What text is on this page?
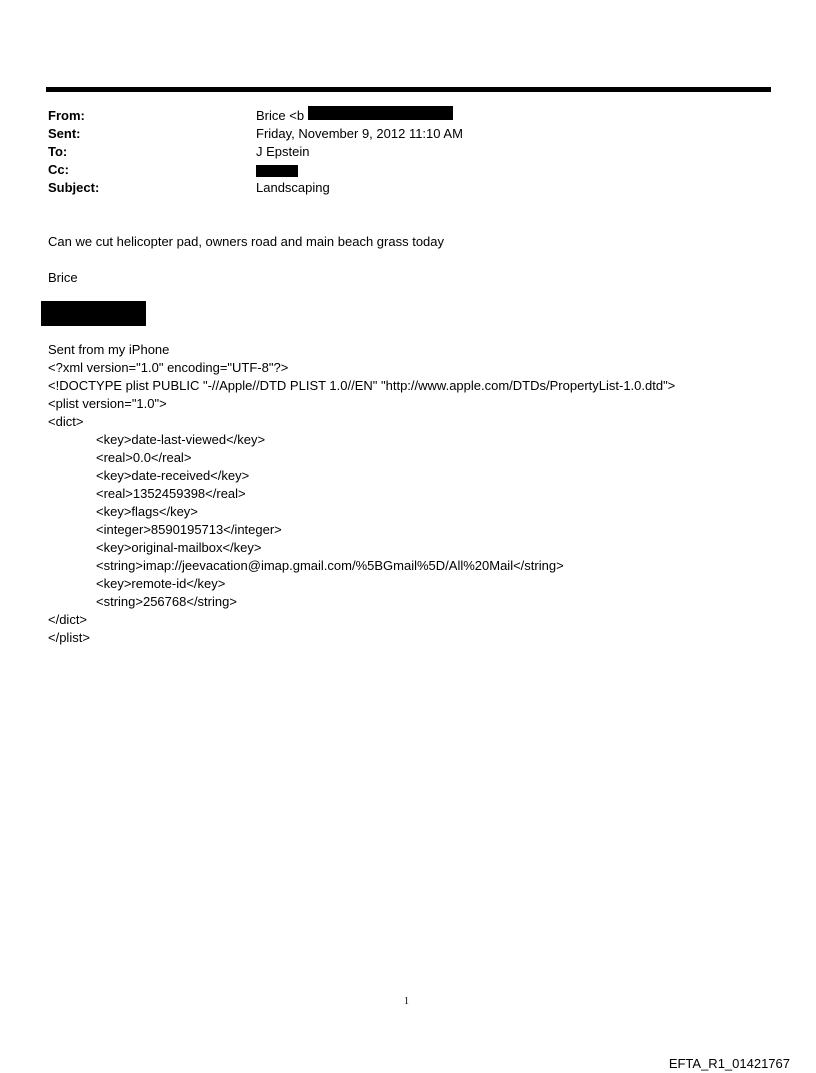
From:	Brice <b
Sent:	Friday, November 9, 2012 11:10 AM
To:	J Epstein
Cc:
Subject:	Landscaping
Can we cut helicopter pad, owners road and main beach grass today
Brice
Sent from my iPhone
<?xml version="1.0" encoding="UTF-8"?>
<!DOCTYPE plist PUBLIC "-//Apple//DTD PLIST 1.0//EN" "http://www.apple.com/DTDs/PropertyList-1.0.dtd">
<plist version="1.0">
<dict>
<key>date-last-viewed</key>
<real>0.0</real>
<key>date-received</key>
<real>1352459398</real>
<key>flags</key>
<integer>8590195713</integer>
<key>original-mailbox</key>
<string>imap://jeevacation@imap.gmail.com/%5BGmail%5D/All%20Mail</string>
<key>remote-id</key>
<string>256768</string>
</dict>
</plist>
1
EFTA_R1_01421767
